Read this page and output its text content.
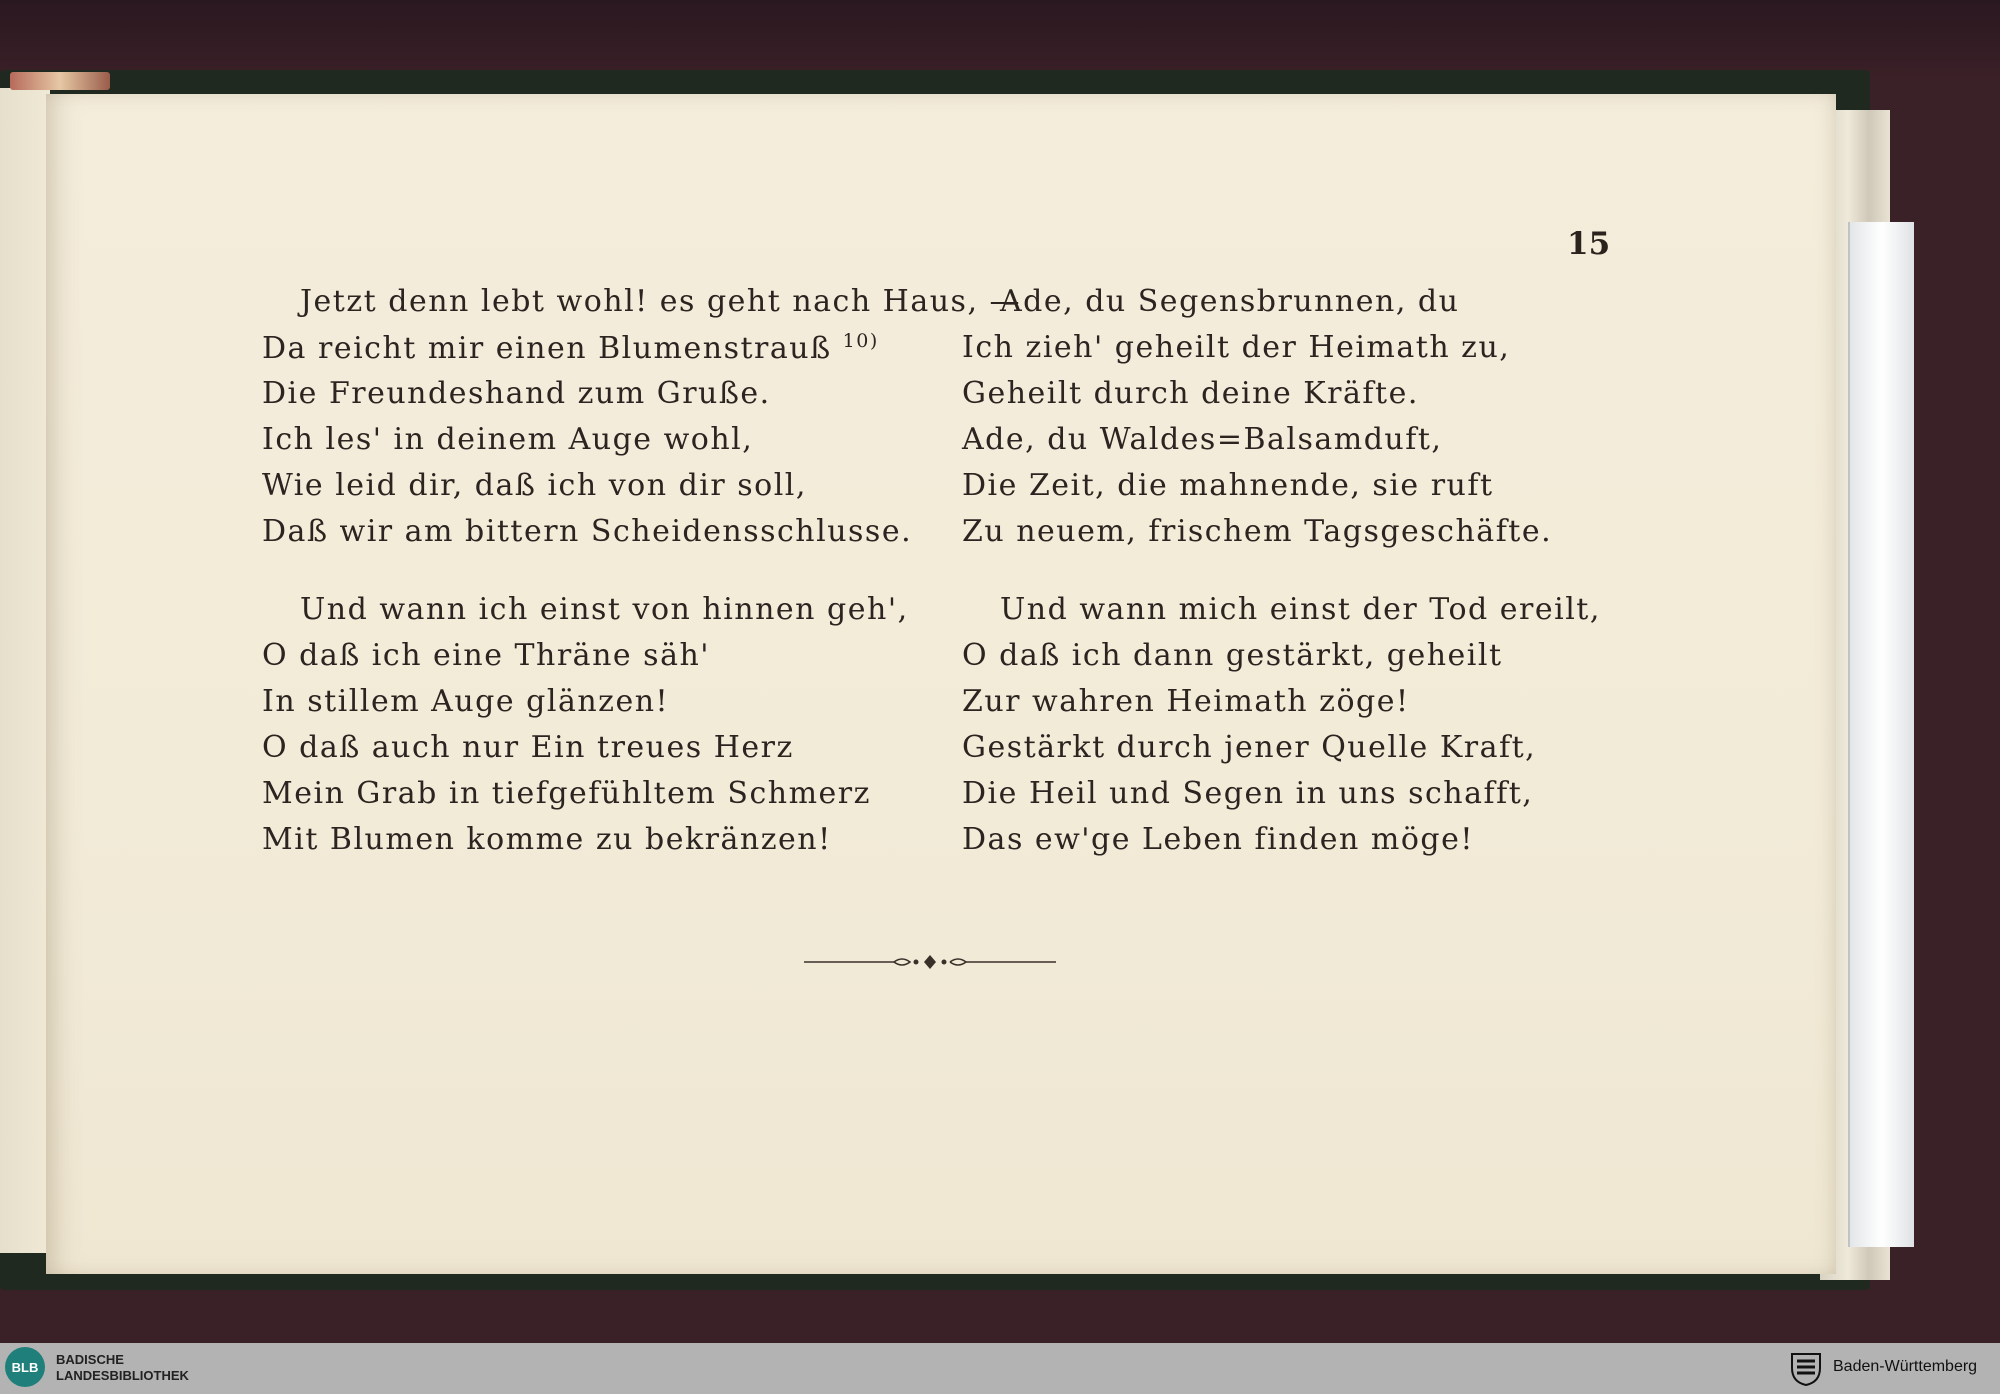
15
Jetzt denn lebt wohl! es geht nach Haus, —
Da reicht mir einen Blumenstrauß $^{10)}$
Die Freundeshand zum Gruße.
Ich les' in deinem Auge wohl,
Wie leid dir, daß ich von dir soll,
Daß wir am bittern Scheidensschlusse.
Und wann ich einst von hinnen geh',
O daß ich eine Thräne säh'
In stillem Auge glänzen!
O daß auch nur Ein treues Herz
Mein Grab in tiefgefühltem Schmerz
Mit Blumen komme zu bekränzen!
Ade, du Segensbrunnen, du
Ich zieh' geheilt der Heimath zu,
Geheilt durch deine Kräfte.
Ade, du Waldes=Balsamduft,
Die Zeit, die mahnende, sie ruft
Zu neuem, frischem Tagsgeschäfte.
Und wann mich einst der Tod ereilt,
O daß ich dann gestärkt, geheilt
Zur wahren Heimath zöge!
Gestärkt durch jener Quelle Kraft,
Die Heil und Segen in uns schafft,
Das ew'ge Leben finden möge!
BLB	BADISCHE
LANDESBIBLIOTHEK
Baden-Württemberg
